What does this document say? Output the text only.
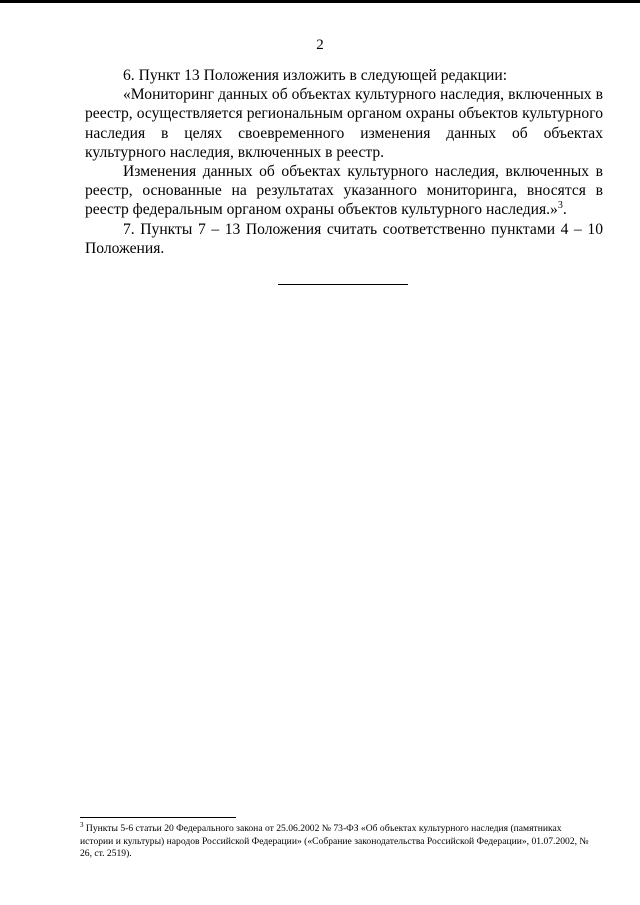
2

6. Пункт 13 Положения изложить в следующей редакции:

«Мониторинг данных об объектах культурного наследия, включенных в реестр, осуществляется региональным органом охраны объектов культурного наследия в целях своевременного изменения данных об объектах культурного наследия, включенных в реестр.

Изменения данных об объектах культурного наследия, включенных в реестр, основанные на результатах указанного мониторинга, вносятся в реестр федеральным органом охраны объектов культурного наследия.»$^3$.

7. Пункты 7 – 13 Положения считать соответственно пунктами 4 – 10 Положения.

$^3$ Пункты 5-6 статьи 20 Федерального закона от 25.06.2002 № 73-ФЗ «Об объектах культурного наследия (памятниках истории и культуры) народов Российской Федерации» («Собрание законодательства Российской Федерации», 01.07.2002, № 26, ст. 2519).
